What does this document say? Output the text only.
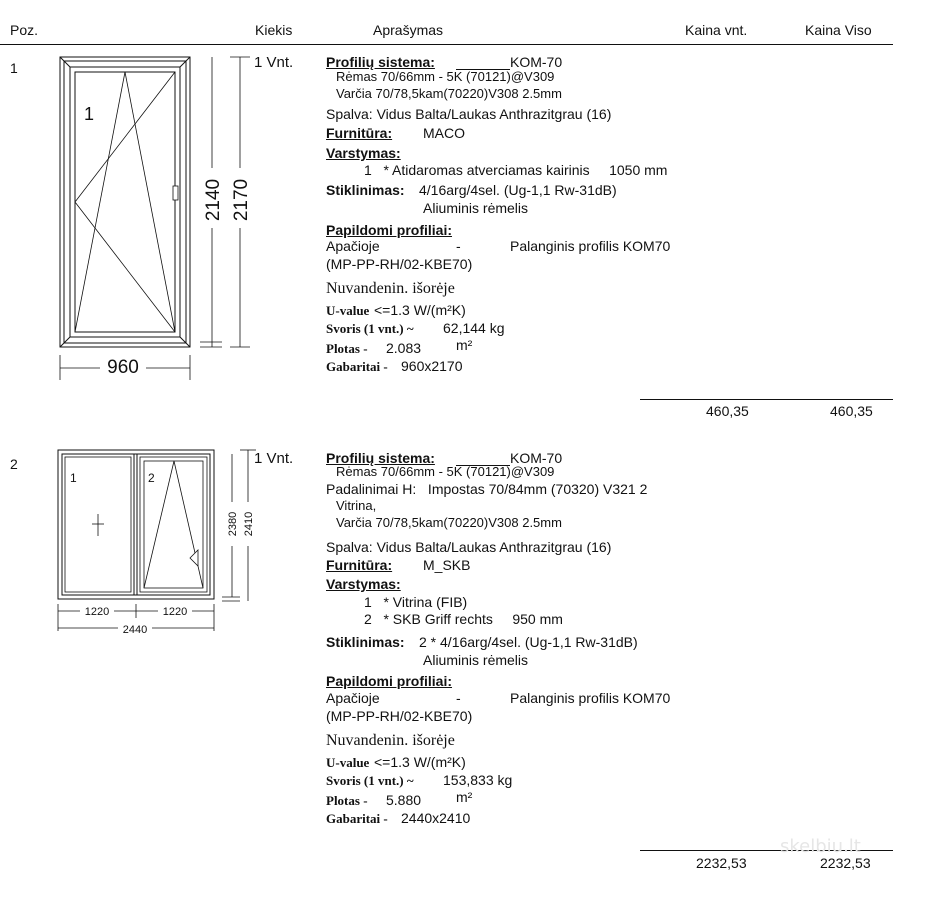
Poz.	Kiekis	Aprašymas	Kaina vnt.	Kaina Viso
1	1 Vnt.
960
2140 2170
1
Profilių sistema:	KOM-70
Rėmas 70/66mm - 5K (70121)@V309
Varčia 70/78,5kam(70220)V308 2.5mm
Spalva: Vidus Balta/Laukas Anthrazitgrau (16)
Furnitūra: MACO
Varstymas:
1   * Atidaromas atverciamas kairinis     1050 mm
Stiklinimas: 4/16arg/4sel. (Ug-1,1 Rw-31dB)
Aliuminis rėmelis
Papildomi profiliai:
Apačioje	-	Palanginis profilis KOM70
(MP-PP-RH/02-KBE70)
Nuvandenin. išorėje
U-value <=1.3 W/(m²K)
Svoris (1 vnt.) ~ 62,144 kg
Plotas - 2.083 m²
Gabaritai - 960x2170
460,35	460,35
2	1 Vnt.
1	2
2380 2410
1220	1220
2440
Profilių sistema:	KOM-70
Rėmas 70/66mm - 5K (70121)@V309
Padalinimai H:   Impostas 70/84mm (70320) V321 2
Vitrina,
Varčia 70/78,5kam(70220)V308 2.5mm
Spalva: Vidus Balta/Laukas Anthrazitgrau (16)
Furnitūra: M_SKB
Varstymas:
1   * Vitrina (FIB)
2   * SKB Griff rechts     950 mm
Stiklinimas: 2 * 4/16arg/4sel. (Ug-1,1 Rw-31dB)
Aliuminis rėmelis
Papildomi profiliai:
Apačioje	-	Palanginis profilis KOM70
(MP-PP-RH/02-KBE70)
Nuvandenin. išorėje
U-value <=1.3 W/(m²K)
Svoris (1 vnt.) ~ 153,833 kg
Plotas - 5.880 m²
Gabaritai - 2440x2410
2232,53	2232,53
skelbiu.lt
